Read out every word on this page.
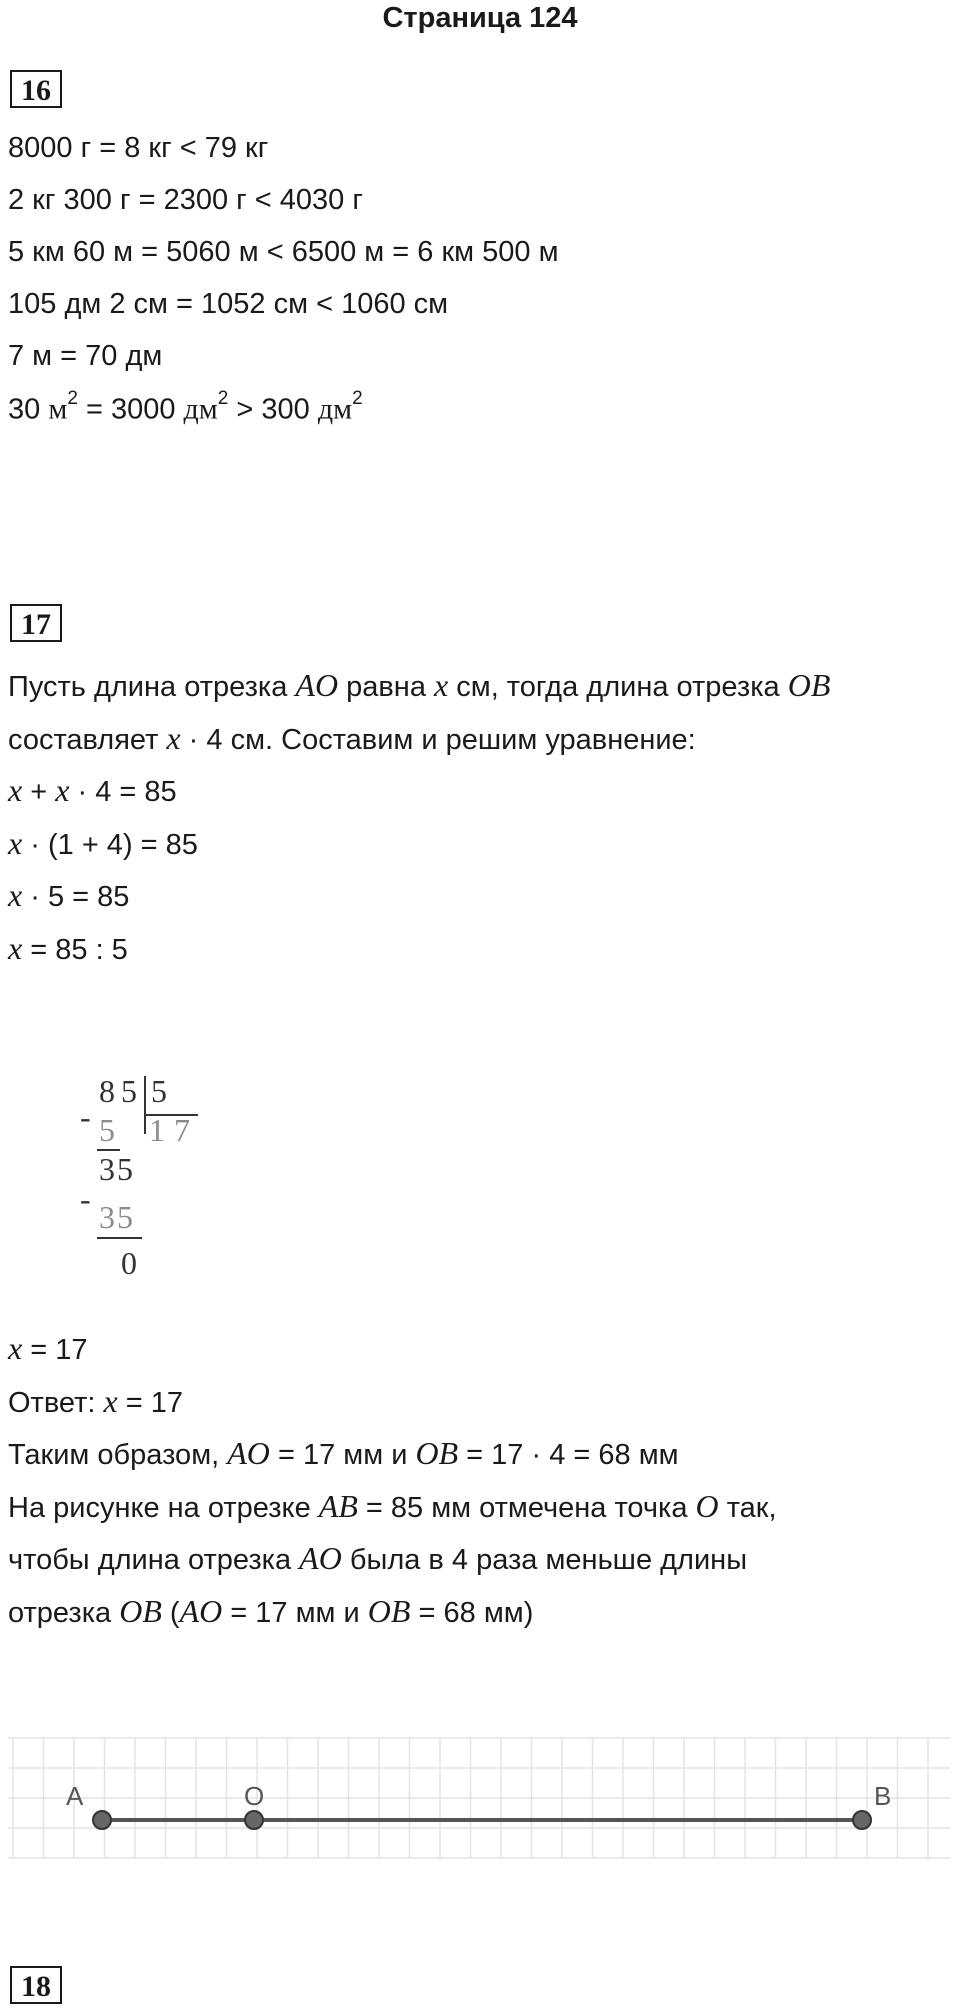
Страница 124
16
8000 г = 8 кг < 79 кг
2 кг 300 г = 2300 г < 4030 г
5 км 60 м = 5060 м < 6500 м = 6 км 500 м
105 дм 2 см = 1052 см < 1060 см
7 м = 70 дм
30 $м^2 = 3000$ $дм^2 > 300$ $дм^2$
17
Пусть длина отрезка AO равна x см, тогда длина отрезка OB
составляет x · 4 см. Составим и решим уравнение:
x + x · 4 = 85
x · (1 + 4) = 85
x · 5 = 85
x = 85 : 5
8 5 5
1 7
- 5
3 5
- 3 5
0
x = 17
Ответ: x = 17
Таким образом, AO = 17 мм и OB = 17 · 4 = 68 мм
На рисунке на отрезке AB = 85 мм отмечена точка O так,
чтобы длина отрезка AO была в 4 раза меньше длины
отрезка OB (AO = 17 мм и OB = 68 мм)
A	O	B
18
